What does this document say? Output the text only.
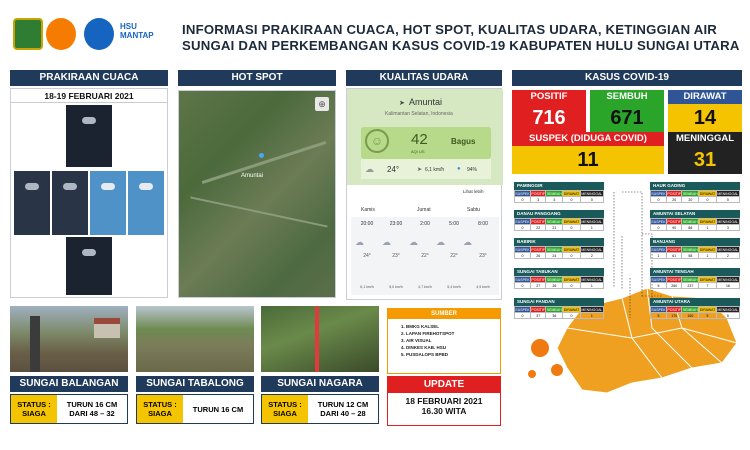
HSU MANTAP	INFORMASI PRAKIRAAN CUACA, HOT SPOT, KUALITAS UDARA, KETINGGIAN AIR SUNGAI DAN PERKEMBANGAN KASUS COVID-19 KABUPATEN HULU SUNGAI UTARA
PRAKIRAAN CUACA
18-19 FEBRUARI 2021
HOT SPOT
Amuntai
⊕
KUALITAS UDARA
➤ Amuntai
Kalimantan Selatan, Indonesia
☺	42
AQI US
Bagus
☁ 24°	➤ 6,1 km/h ● 94%
Lihat lebih
Kamis	Jumat	Sabtu
20:00	23:00	2:00	5:00	8:00
☁☁☁☁☁
24°	23°	22°	22°	23°
6,1 km/h	5,0 km/h	4,7 km/h	5,4 km/h	4,9 km/h
KASUS COVID-19
POSITIF
716
SEMBUH
671
DIRAWAT
14
SUSPEK (DIDUGA COVID)
11
MENINGGAL
31
PAMINGGIR
SUSPEK	POSITIF	SEMBUH	DIRAWAT	MENINGGAL
0	3	3	0	0
DANAU PANGGANG
SUSPEK	POSITIF	SEMBUH	DIRAWAT	MENINGGAL
0	22	21	0	1
BABIRIK
SUSPEK	POSITIF	SEMBUH	DIRAWAT	MENINGGAL
0	26	24	0	2
SUNGAI TABUKAN
SUSPEK	POSITIF	SEMBUH	DIRAWAT	MENINGGAL
0	27	26	0	1
SUNGAI PANDAN
SUSPEK	POSITIF	SEMBUH	DIRAWAT	MENINGGAL
0	37	36	0	1
HAUR GADING
SUSPEK	POSITIF	SEMBUH	DIRAWAT	MENINGGAL
0	20	20	0	0
AMUNTAI SELATAN
SUSPEK	POSITIF	SEMBUH	DIRAWAT	MENINGGAL
0	90	86	1	3
BANJANG
SUSPEK	POSITIF	SEMBUH	DIRAWAT	MENINGGAL
1	61	58	1	2
AMUNTAI TENGAH
SUSPEK	POSITIF	SEMBUH	DIRAWAT	MENINGGAL
5	260	237	7	16
AMUNTAI UTARA
SUSPEK	POSITIF	SEMBUH	DIRAWAT	MENINGGAL
5	170	160	5	5
SUNGAI BALANGAN	SUNGAI TABALONG	SUNGAI NAGARA
STATUS :
SIAGA
TURUN 16 CM
DARI 48 – 32
STATUS :
SIAGA	TURUN 16 CM	STATUS :
SIAGA
TURUN 12 CM
DARI 40 – 28
SUMBER
1. BMKG KALSEL
2. LAPAN FIREHOTSPOT
3. AIR VISUAL
4. DINKES KAB. HSU
5. PUSDALOPS BPBD
UPDATE
18 FEBRUARI 2021
16.30 WITA
